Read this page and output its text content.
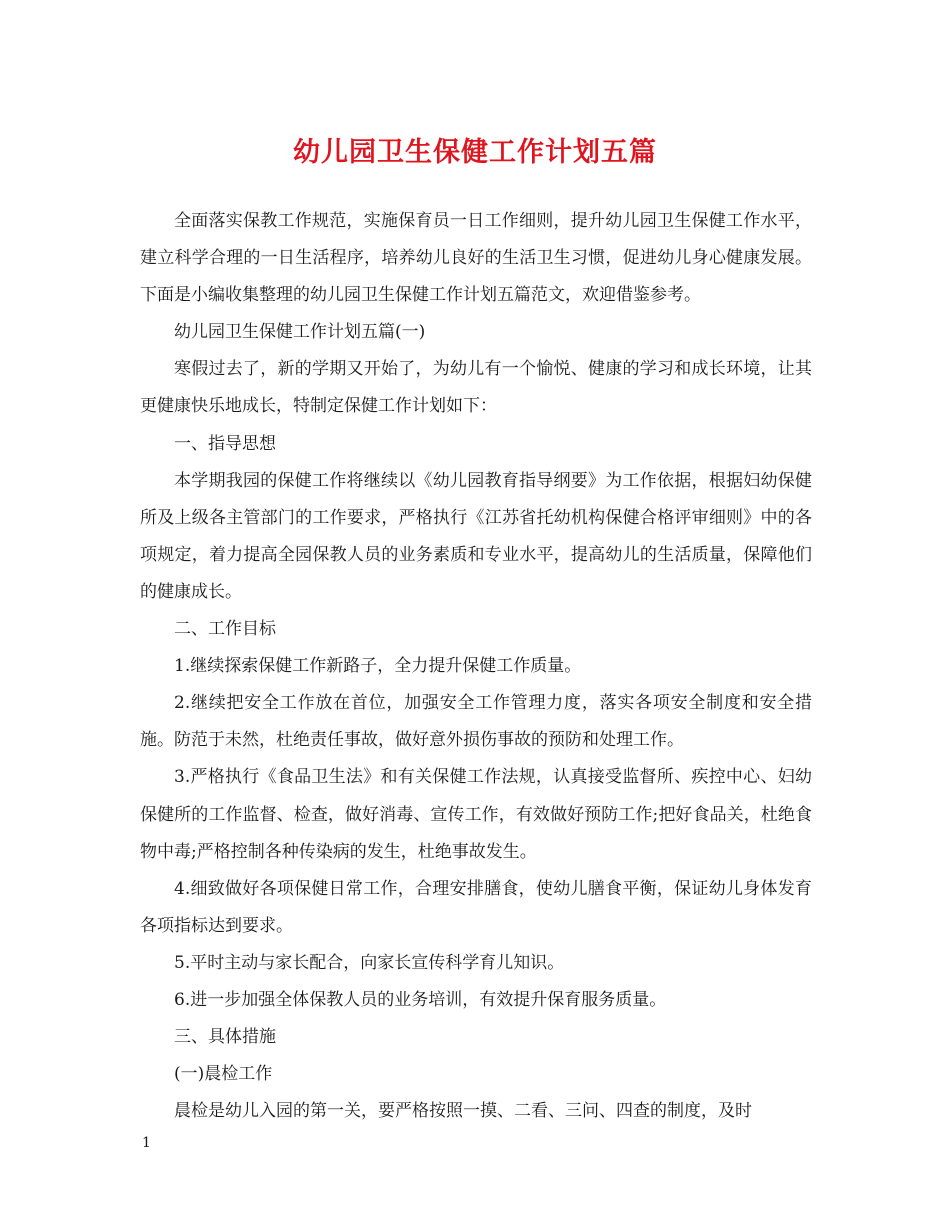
幼儿园卫生保健工作计划五篇

全面落实保教工作规范，实施保育员一日工作细则，提升幼儿园卫生保健工作水平，建立科学合理的一日生活程序，培养幼儿良好的生活卫生习惯，促进幼儿身心健康发展。下面是小编收集整理的幼儿园卫生保健工作计划五篇范文，欢迎借鉴参考。

幼儿园卫生保健工作计划五篇(一)

寒假过去了，新的学期又开始了，为幼儿有一个愉悦、健康的学习和成长环境，让其更健康快乐地成长，特制定保健工作计划如下：

一、指导思想

本学期我园的保健工作将继续以《幼儿园教育指导纲要》为工作依据，根据妇幼保健所及上级各主管部门的工作要求，严格执行《江苏省托幼机构保健合格评审细则》中的各项规定，着力提高全园保教人员的业务素质和专业水平，提高幼儿的生活质量，保障他们的健康成长。

二、工作目标

1.继续探索保健工作新路子，全力提升保健工作质量。

2.继续把安全工作放在首位，加强安全工作管理力度，落实各项安全制度和安全措施。防范于未然，杜绝责任事故，做好意外损伤事故的预防和处理工作。

3.严格执行《食品卫生法》和有关保健工作法规，认真接受监督所、疾控中心、妇幼保健所的工作监督、检查，做好消毒、宣传工作，有效做好预防工作;把好食品关，杜绝食物中毒;严格控制各种传染病的发生，杜绝事故发生。

4.细致做好各项保健日常工作，合理安排膳食，使幼儿膳食平衡，保证幼儿身体发育各项指标达到要求。

5.平时主动与家长配合，向家长宣传科学育儿知识。

6.进一步加强全体保教人员的业务培训，有效提升保育服务质量。

三、具体措施

(一)晨检工作

晨检是幼儿入园的第一关，要严格按照一摸、二看、三问、四查的制度，及时

1
